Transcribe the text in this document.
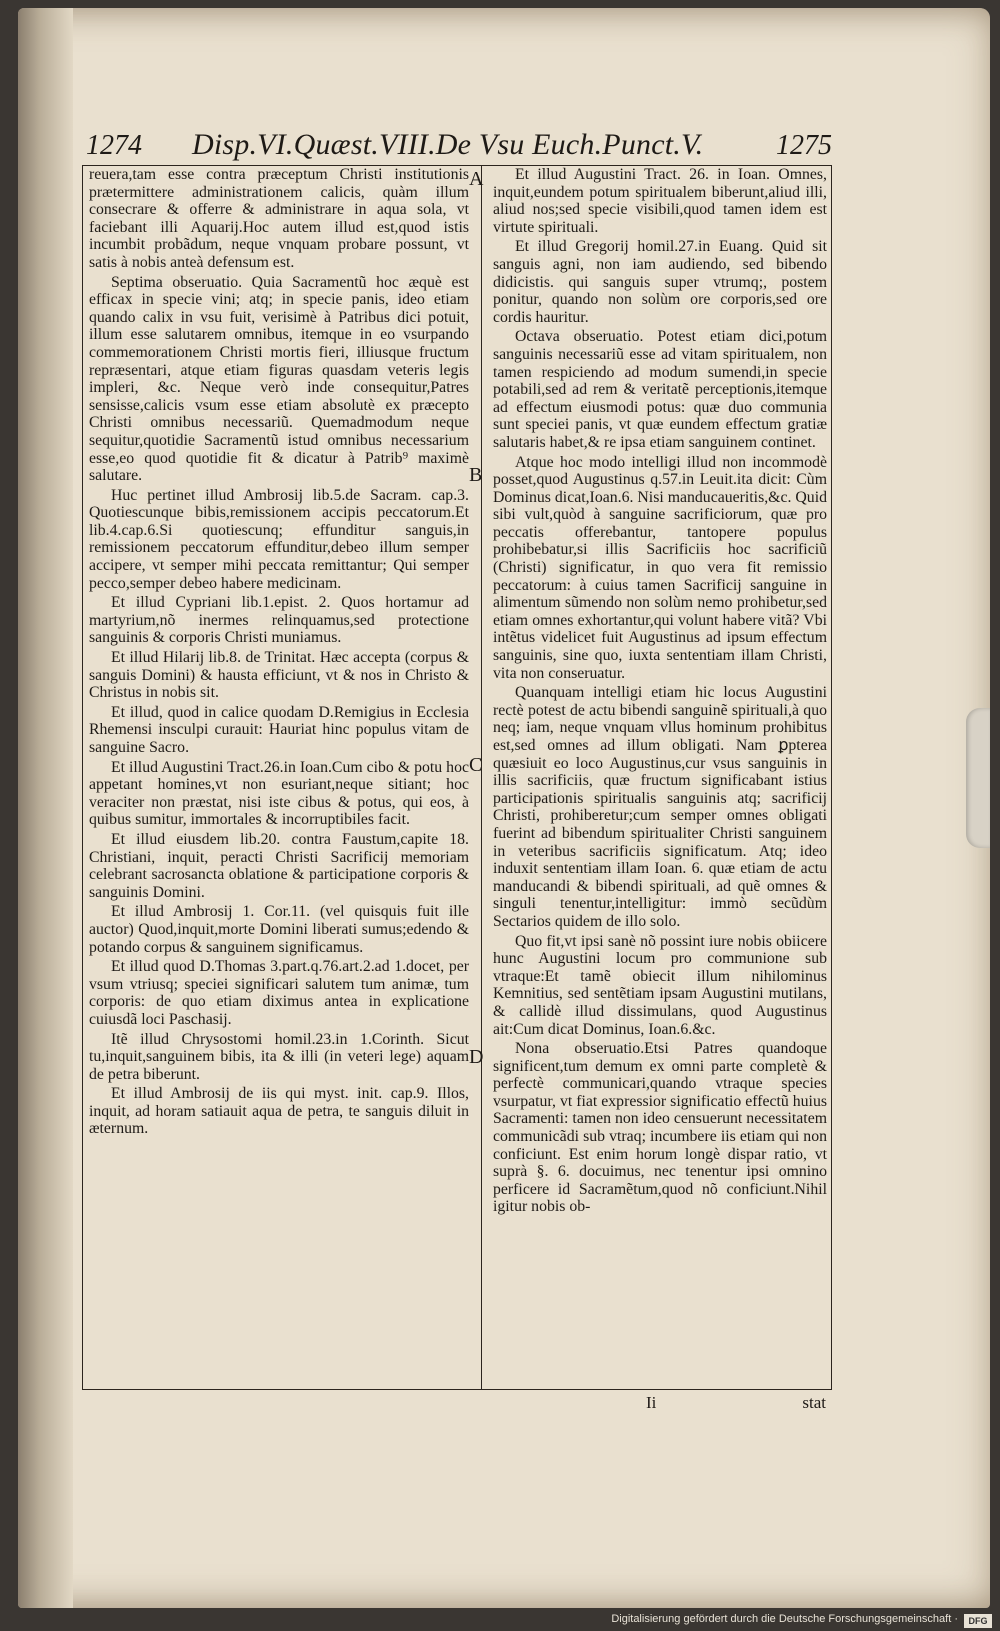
1274 Disp.VI.Quæst.VIII.De Vsu Euch.Punct.V.	1275

reuera,tam esse contra præceptum Christi institutionis prætermittere administrationem calicis, quàm illum consecrare & offerre & administrare in aqua sola, vt faciebant illi Aquarij.Hoc autem illud est,quod istis incumbit probãdum, neque vnquam probare possunt, vt satis à nobis anteà defensum est.

Septima obseruatio. Quia Sacramentũ hoc æquè est efficax in specie vini; atq; in specie panis, ideo etiam quando calix in vsu fuit, verisimè à Patribus dici potuit, illum esse salutarem omnibus, itemque in eo vsurpando commemorationem Christi mortis fieri, illiusque fructum repræsentari, atque etiam figuras quasdam veteris legis impleri, &c. Neque verò inde consequitur,Patres sensisse,calicis vsum esse etiam absolutè ex præcepto Christi omnibus necessariũ. Quemadmodum neque sequitur,quotidie Sacramentũ istud omnibus necessarium esse,eo quod quotidie fit & dicatur à Patrib⁹ maximè salutare.

Huc pertinet illud Ambrosij lib.5.de Sacram. cap.3. Quotiescunque bibis,remissionem accipis peccatorum.Et lib.4.cap.6.Si quotiescunq; effunditur sanguis,in remissionem peccatorum effunditur,debeo illum semper accipere, vt semper mihi peccata remittantur; Qui semper pecco,semper debeo habere medicinam.

Et illud Cypriani lib.1.epist. 2. Quos hortamur ad martyrium,nõ inermes relinquamus,sed protectione sanguinis & corporis Christi muniamus.

Et illud Hilarij lib.8. de Trinitat. Hæc accepta (corpus & sanguis Domini) & hausta efficiunt, vt & nos in Christo & Christus in nobis sit.

Et illud, quod in calice quodam D.Remigius in Ecclesia Rhemensi insculpi curauit: Hauriat hinc populus vitam de sanguine Sacro.

Et illud Augustini Tract.26.in Ioan.Cum cibo & potu hoc appetant homines,vt non esuriant,neque sitiant; hoc veraciter non præstat, nisi iste cibus & potus, qui eos, à quibus sumitur, immortales & incorruptibiles facit.

Et illud eiusdem lib.20. contra Faustum,capite 18. Christiani, inquit, peracti Christi Sacrificij memoriam celebrant sacrosancta oblatione & participatione corporis & sanguinis Domini.

Et illud Ambrosij 1. Cor.11. (vel quisquis fuit ille auctor) Quod,inquit,morte Domini liberati sumus;edendo & potando corpus & sanguinem significamus.

Et illud quod D.Thomas 3.part.q.76.art.2.ad 1.docet, per vsum vtriusq; speciei significari salutem tum animæ, tum corporis: de quo etiam diximus antea in explicatione cuiusdã loci Paschasij.

Itẽ illud Chrysostomi homil.23.in 1.Corinth. Sicut tu,inquit,sanguinem bibis, ita & illi (in veteri lege) aquam de petra biberunt.

Et illud Ambrosij de iis qui myst. init. cap.9. Illos, inquit, ad horam satiauit aqua de petra, te sanguis diluit in æternum.

A
B
C
D

Et illud Augustini Tract. 26. in Ioan. Omnes, inquit,eundem potum spiritualem biberunt,aliud illi, aliud nos;sed specie visibili,quod tamen idem est virtute spirituali.

Et illud Gregorij homil.27.in Euang. Quid sit sanguis agni, non iam audiendo, sed bibendo didicistis. qui sanguis super vtrumq;, postem ponitur, quando non solùm ore corporis,sed ore cordis hauritur.

Octava obseruatio. Potest etiam dici,potum sanguinis necessariũ esse ad vitam spiritualem, non tamen respiciendo ad modum sumendi,in specie potabili,sed ad rem & veritatẽ perceptionis,itemque ad effectum eiusmodi potus: quæ duo communia sunt speciei panis, vt quæ eundem effectum gratiæ salutaris habet,& re ipsa etiam sanguinem continet.

Atque hoc modo intelligi illud non incommodè posset,quod Augustinus q.57.in Leuit.ita dicit: Cùm Dominus dicat,Ioan.6. Nisi manducaueritis,&c. Quid sibi vult,quòd à sanguine sacrificiorum, quæ pro peccatis offerebantur, tantopere populus prohibebatur,si illis Sacrificiis hoc sacrificiũ (Christi) significatur, in quo vera fit remissio peccatorum: à cuius tamen Sacrificij sanguine in alimentum sũmendo non solùm nemo prohibetur,sed etiam omnes exhortantur,qui volunt habere vitã? Vbi intẽtus videlicet fuit Augustinus ad ipsum effectum sanguinis, sine quo, iuxta sententiam illam Christi, vita non conseruatur.

Quanquam intelligi etiam hic locus Augustini rectè potest de actu bibendi sanguinẽ spirituali,à quo neq; iam, neque vnquam vllus hominum prohibitus est,sed omnes ad illum obligati. Nam ꝑpterea quæsiuit eo loco Augustinus,cur vsus sanguinis in illis sacrificiis, quæ fructum significabant istius participationis spiritualis sanguinis atq; sacrificij Christi, prohiberetur;cum semper omnes obligati fuerint ad bibendum spiritualiter Christi sanguinem in veteribus sacrificiis significatum. Atq; ideo induxit sententiam illam Ioan. 6. quæ etiam de actu manducandi & bibendi spirituali, ad quẽ omnes & singuli tenentur,intelligitur: immò secũdùm Sectarios quidem de illo solo.

Quo fit,vt ipsi sanè nõ possint iure nobis obiicere hunc Augustini locum pro communione sub vtraque:Et tamẽ obiecit illum nihilominus Kemnitius, sed sentẽtiam ipsam Augustini mutilans, & callidè illud dissimulans, quod Augustinus ait:Cum dicat Dominus, Ioan.6.&c.

Nona obseruatio.Etsi Patres quandoque significent,tum demum ex omni parte completè & perfectè communicari,quando vtraque species vsurpatur, vt fiat expressior significatio effectũ huius Sacramenti: tamen non ideo censuerunt necessitatem communicãdi sub vtraq; incumbere iis etiam qui non conficiunt. Est enim horum longè dispar ratio, vt suprà §. 6. docuimus, nec tenentur ipsi omnino perficere id Sacramẽtum,quod nõ conficiunt.Nihil igitur nobis ob-

Ii	stat
Digitalisierung gefördert durch die Deutsche Forschungsgemeinschaft ·	DFG
